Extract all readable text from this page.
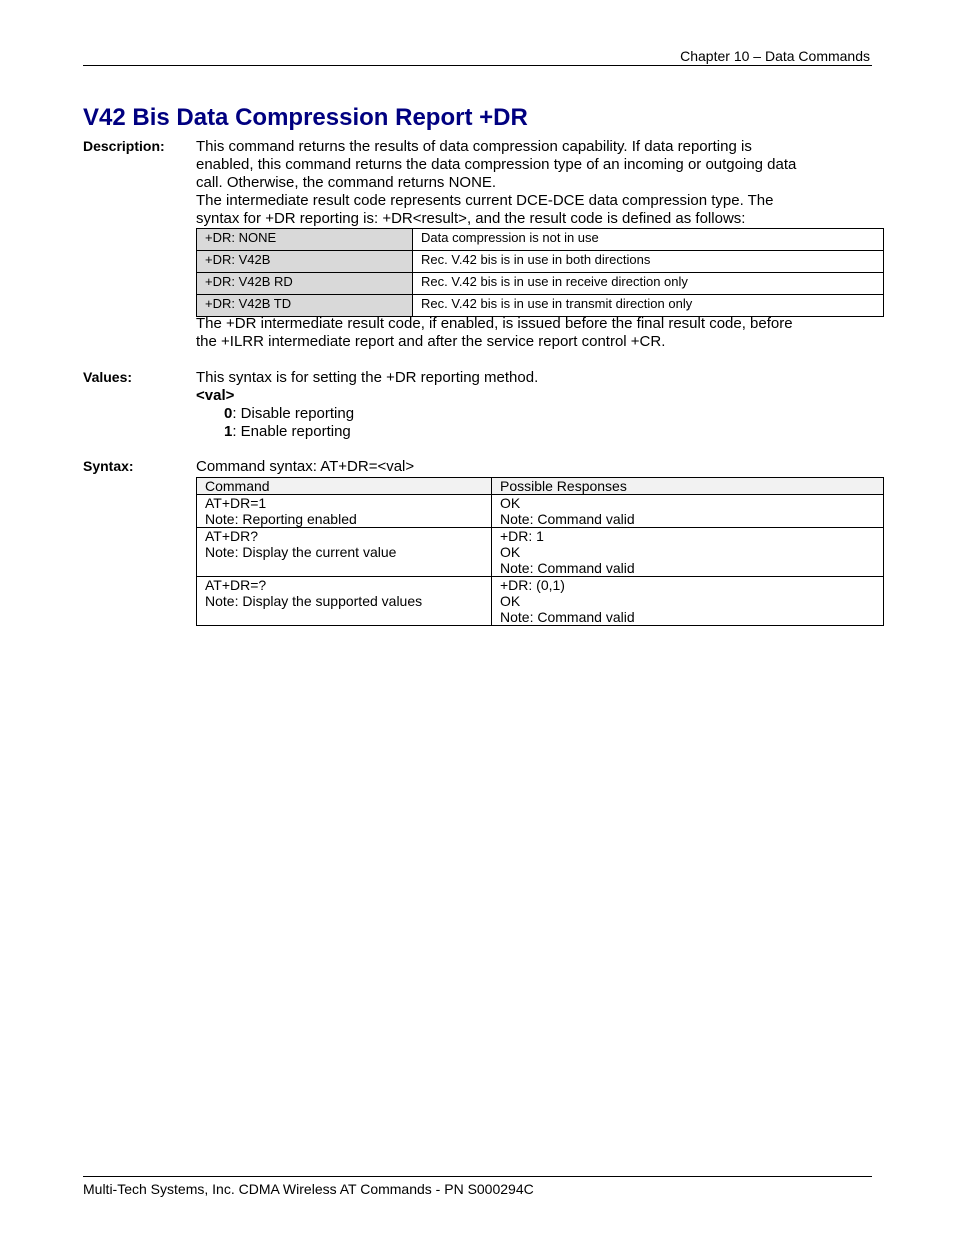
Chapter 10 – Data Commands
V42 Bis Data Compression Report +DR
Description: This command returns the results of data compression capability. If data reporting is
enabled, this command returns the data compression type of an incoming or outgoing data
call. Otherwise, the command returns NONE.
The intermediate result code represents current DCE-DCE data compression type. The
syntax for +DR reporting is: +DR<result>, and the result code is defined as follows:
+DR: NONE	Data compression is not in use
+DR: V42B	Rec. V.42 bis is in use in both directions
+DR: V42B RD	Rec. V.42 bis is in use in receive direction only
+DR: V42B TD	Rec. V.42 bis is in use in transmit direction only
The +DR intermediate result code, if enabled, is issued before the final result code, before
the +ILRR intermediate report and after the service report control +CR.
Values:	This syntax is for setting the +DR reporting method.
<val>
0: Disable reporting
1: Enable reporting
Syntax:	Command syntax: AT+DR=<val>
Command	Possible Responses

AT+DR=1
Note: Reporting enabled	OK
Note: Command valid

AT+DR?
Note: Display the current value	+DR: 1
OK
Note: Command valid

AT+DR=?
Note: Display the supported values	+DR: (0,1)
OK
Note: Command valid
Multi-Tech Systems, Inc. CDMA Wireless AT Commands - PN S000294C
